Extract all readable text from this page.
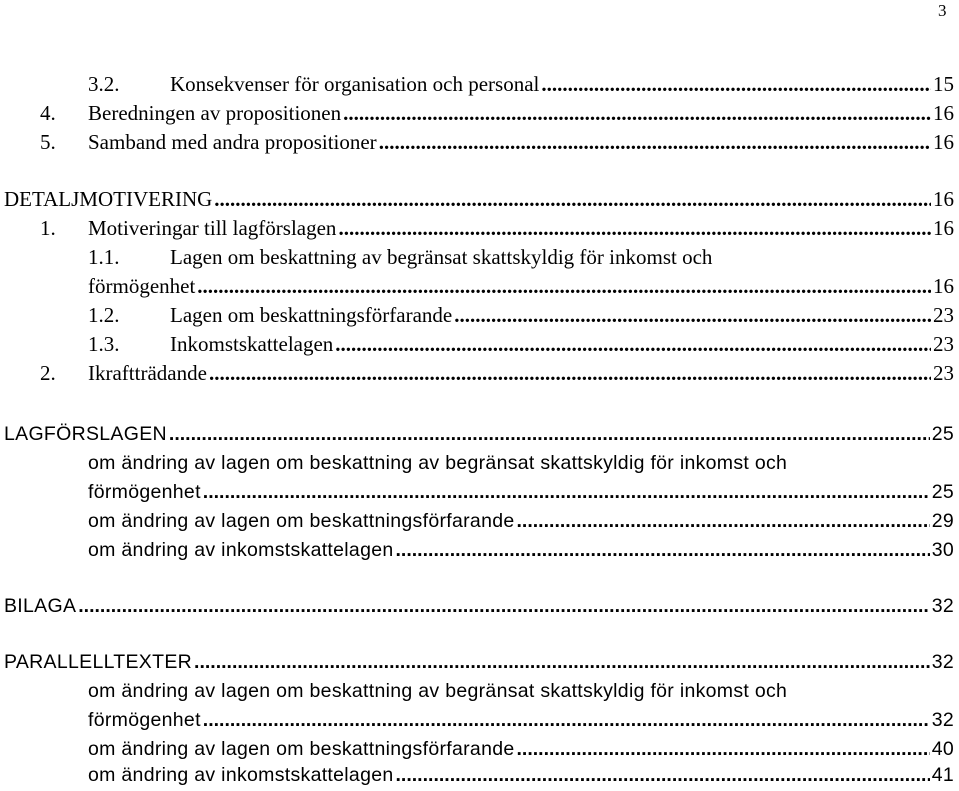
3
3.2.	Konsekvenser för organisation och personal .....	15
4.	Beredningen av propositionen .....	16
5.	Samband med andra propositioner .....	16
DETALJMOTIVERING .....	16
1.	Motiveringar till lagförslagen .....	16
1.1.	Lagen om beskattning av begränsat skattskyldig för inkomst och
förmögenhet .....	16
1.2.	Lagen om beskattningsförfarande .....	23
1.3.	Inkomstskattelagen .....	23
2.	Ikraftträdande .....	23
LAGFÖRSLAGEN .....	25
om ändring av lagen om beskattning av begränsat skattskyldig för inkomst och
förmögenhet .....	25
om ändring av lagen om beskattningsförfarande .....	29
om ändring av inkomstskattelagen .....	30
BILAGA .....	32
PARALLELLTEXTER .....	32
om ändring av lagen om beskattning av begränsat skattskyldig för inkomst och
förmögenhet .....	32
om ändring av lagen om beskattningsförfarande .....	40
om ändring av inkomstskattelagen .....	41
